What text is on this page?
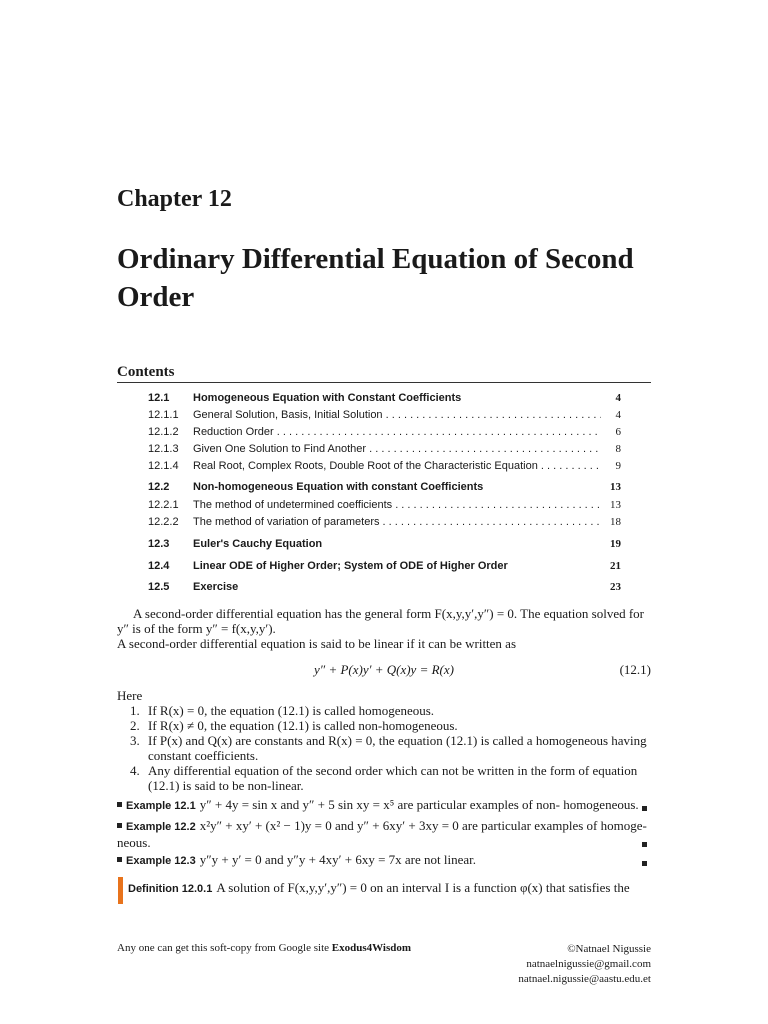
Chapter 12
Ordinary Differential Equation of Second Order
Contents
12.1 Homogeneous Equation with Constant Coefficients	4
12.1.1 General Solution, Basis, Initial Solution . . .	4
12.1.2 Reduction Order . . .	6
12.1.3 Given One Solution to Find Another . . .	8
12.1.4 Real Root, Complex Roots, Double Root of the Characteristic Equation . . .	9
12.2 Non-homogeneous Equation with constant Coefficients	13
12.2.1 The method of undetermined coefficients . . .	13
12.2.2 The method of variation of parameters . . .	18
12.3 Euler's Cauchy Equation	19
12.4 Linear ODE of Higher Order; System of ODE of Higher Order	21
12.5 Exercise	23
A second-order differential equation has the general form F(x,y,y′,y″) = 0. The equation solved for y″ is of the form y″ = f(x,y,y′).
A second-order differential equation is said to be linear if it can be written as
y″ + P(x)y′ + Q(x)y = R(x)	(12.1)
Here
1. If R(x) = 0, the equation (12.1) is called homogeneous.
2. If R(x) ≠ 0, the equation (12.1) is called non-homogeneous.
3. If P(x) and Q(x) are constants and R(x) = 0, the equation (12.1) is called a homogeneous having constant coefficients.
4. Any differential equation of the second order which can not be written in the form of equation (12.1) is said to be non-linear.
Example 12.1 y″ + 4y = sin x and y″ + 5 sin xy = x⁵ are particular examples of non- homogeneous.
Example 12.2 x²y″ + xy′ + (x² − 1)y = 0 and y″ + 6xy′ + 3xy = 0 are particular examples of homoge- neous.
Example 12.3 y″y + y′ = 0 and y″y + 4xy′ + 6xy = 7x are not linear.
Definition 12.0.1 A solution of F(x,y,y′,y″) = 0 on an interval I is a function φ(x) that satisfies the
Any one can get this soft-copy from Google site Exodus4Wisdom	©Natnael Nigussie
natnaelnigussie@gmail.com
natnael.nigussie@aastu.edu.et
